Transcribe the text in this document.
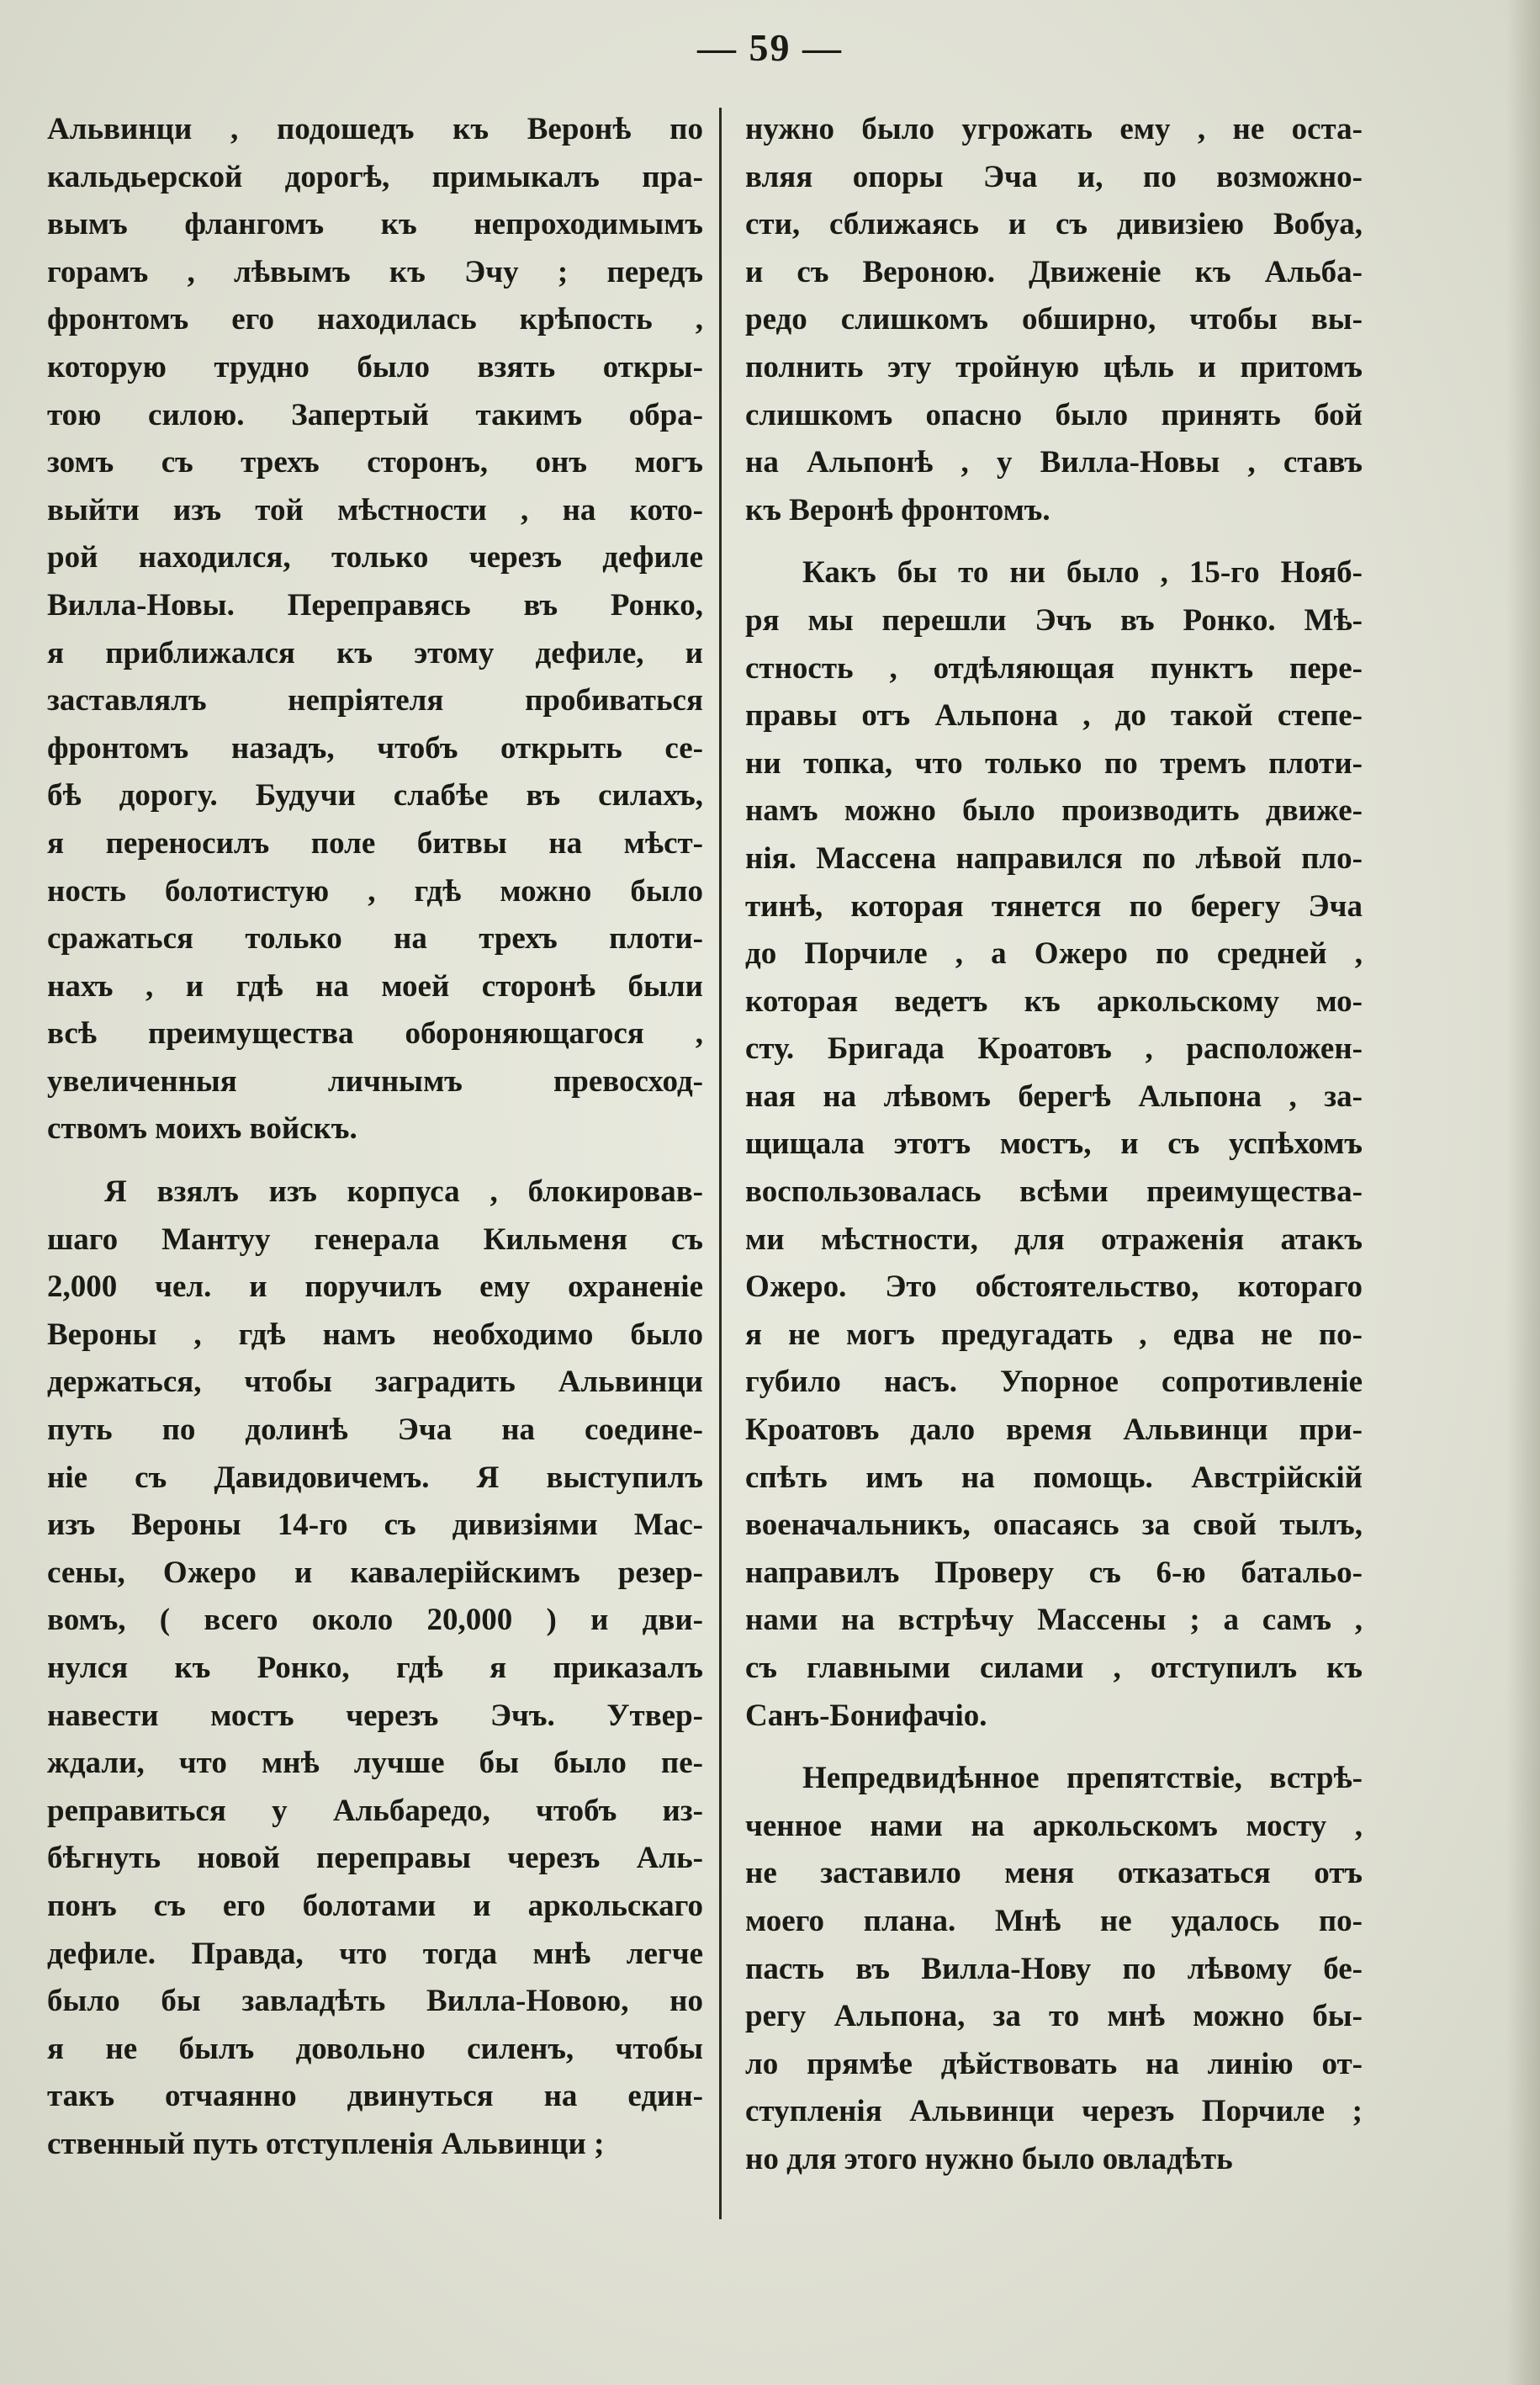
— 59 —
Альвинци , подошедъ къ Веронѣ по
кальдьерской дорогѣ, примыкалъ пра-
вымъ флангомъ къ непроходимымъ
горамъ , лѣвымъ къ Эчу ; передъ
фронтомъ его находилась крѣпость ,
которую трудно было взять откры-
тою силою. Запертый такимъ обра-
зомъ съ трехъ сторонъ, онъ могъ
выйти изъ той мѣстности , на кото-
рой находился, только черезъ дефиле
Вилла-Новы. Переправясь въ Ронко,
я приближался къ этому дефиле, и
заставлялъ непріятеля пробиваться
фронтомъ назадъ, чтобъ открыть се-
бѣ дорогу. Будучи слабѣе въ силахъ,
я переносилъ поле битвы на мѣст-
ность болотистую , гдѣ можно было
сражаться только на трехъ плоти-
нахъ , и гдѣ на моей сторонѣ были
всѣ преимущества обороняющагося ,
увеличенныя личнымъ превосход-
ствомъ моихъ войскъ.
Я взялъ изъ корпуса , блокировав-
шаго Мантуу генерала Кильменя съ
2,000 чел. и поручилъ ему охраненіе
Вероны , гдѣ намъ необходимо было
держаться, чтобы заградить Альвинци
путь по долинѣ Эча на соедине-
ніе съ Давидовичемъ. Я выступилъ
изъ Вероны 14-го съ дивизіями Мас-
сены, Ожеро и кавалерійскимъ резер-
вомъ, ( всего около 20,000 ) и дви-
нулся къ Ронко, гдѣ я приказалъ
навести мостъ черезъ Эчъ. Утвер-
ждали, что мнѣ лучше бы было пе-
реправиться у Альбаредо, чтобъ из-
бѣгнуть новой переправы черезъ Аль-
понъ съ его болотами и аркольскаго
дефиле. Правда, что тогда мнѣ легче
было бы завладѣть Вилла-Новою, но
я не былъ довольно силенъ, чтобы
такъ отчаянно двинуться на един-
ственный путь отступленія Альвинци ;
нужно было угрожать ему , не оста-
вляя опоры Эча и, по возможно-
сти, сближаясь и съ дивизіею Вобуа,
и съ Вероною. Движеніе къ Альба-
редо слишкомъ обширно, чтобы вы-
полнить эту тройную цѣль и притомъ
слишкомъ опасно было принять бой
на Альпонѣ , у Вилла-Новы , ставъ
къ Веронѣ фронтомъ.
Какъ бы то ни было , 15-го Нояб-
ря мы перешли Эчъ въ Ронко. Мѣ-
стность , отдѣляющая пунктъ пере-
правы отъ Альпона , до такой степе-
ни топка, что только по тремъ плоти-
намъ можно было производить движе-
нія. Массена направился по лѣвой пло-
тинѣ, которая тянется по берегу Эча
до Порчиле , а Ожеро по средней ,
которая ведетъ къ аркольскому мо-
сту. Бригада Кроатовъ , расположен-
ная на лѣвомъ берегѣ Альпона , за-
щищала этотъ мостъ, и съ успѣхомъ
воспользовалась всѣми преимущества-
ми мѣстности, для отраженія атакъ
Ожеро. Это обстоятельство, котораго
я не могъ предугадать , едва не по-
губило насъ. Упорное сопротивленіе
Кроатовъ дало время Альвинци при-
спѣть имъ на помощь. Австрійскій
военачальникъ, опасаясь за свой тылъ,
направилъ Проверу съ 6-ю батальо-
нами на встрѣчу Массены ; а самъ ,
съ главными силами , отступилъ къ
Санъ-Бонифачіо.
Непредвидѣнное препятствіе, встрѣ-
ченное нами на аркольскомъ мосту ,
не заставило меня отказаться отъ
моего плана. Мнѣ не удалось по-
пасть въ Вилла-Нову по лѣвому бе-
регу Альпона, за то мнѣ можно бы-
ло прямѣе дѣйствовать на линію от-
ступленія Альвинци черезъ Порчиле ;
но для этого нужно было овладѣть
